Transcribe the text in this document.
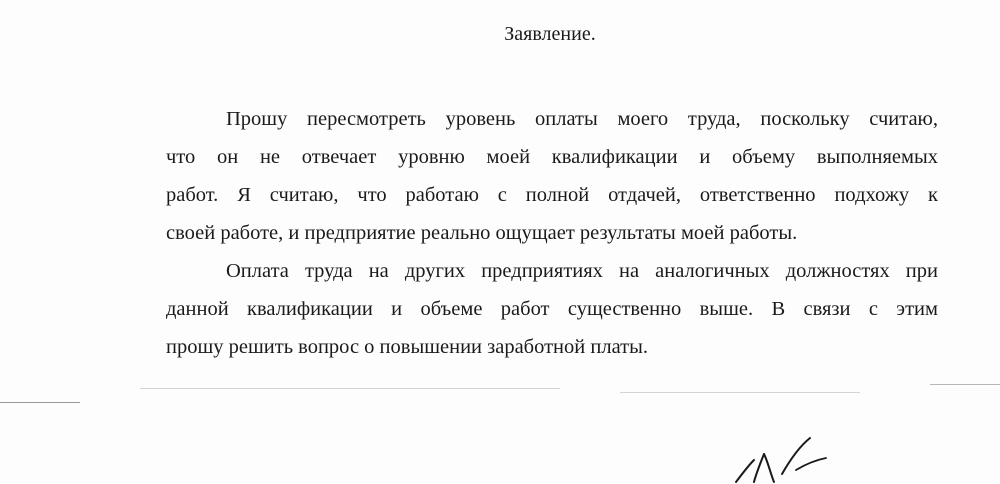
Заявление.
Прошу пересмотреть уровень оплаты моего труда, поскольку считаю,
что он не отвечает уровню моей квалификации и объему выполняемых
работ. Я считаю, что работаю с полной отдачей, ответственно подхожу к
своей работе, и предприятие реально ощущает результаты моей работы.
Оплата труда на других предприятиях на аналогичных должностях при
данной квалификации и объеме работ существенно выше. В связи с этим
прошу решить вопрос о повышении заработной платы.
